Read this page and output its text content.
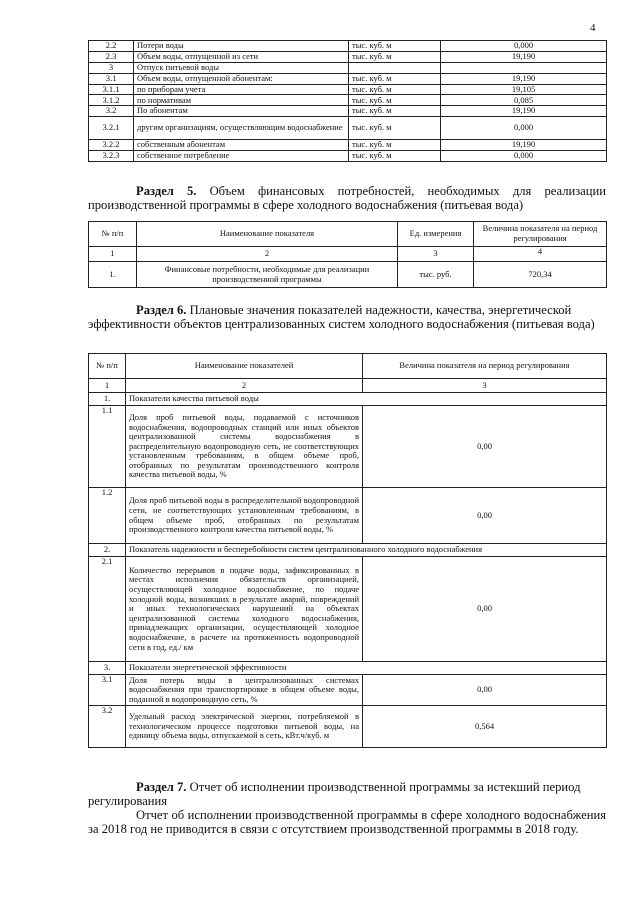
4
2.2	Потери воды	тыс. куб. м	0,000
2.3	Объем воды, отпущенной из сети	тыс. куб. м	19,190
3	Отпуск питьевой воды		
3.1	Объем воды, отпущенной абонентам:	тыс. куб. м	19,190
3.1.1	по приборам учета	тыс. куб. м	19,105
3.1.2	по нормативам	тыс. куб. м	0,085
3.2	По абонентам	тыс. куб. м	19,190
3.2.1	другим организациям, осуществляющим водоснабжение	тыс. куб. м	0,000
3.2.2	собственным абонентам	тыс. куб. м	19,190
3.2.3	собственное потребление	тыс. куб. м	0,000
Раздел 5. Объем финансовых потребностей, необходимых для реализации производственной программы в сфере холодного водоснабжения (питьевая вода)
№ п/п	Наименование показателя	Ед. измерения	Величина показателя на период регулирования
1	2	3	4
1.	Финансовые потребности, необходимые для реализации производственной программы	тыс. руб.	720,34
Раздел 6. Плановые значения показателей надежности, качества, энергетической эффективности объектов централизованных систем холодного водоснабжения (питьевая вода)
№ п/п	Наименование показателей	Величина показателя на период регулирования
1	2	3
1.	Показатели качества питьевой воды	
1.1	Доля проб питьевой воды, подаваемой с источников водоснабжения, водопроводных станций или иных объектов централизованной системы водоснабжения в распределительную водопроводную сеть, не соответствующих установленным требованиям, в общем объеме проб, отобранных по результатам производственного контроля качества питьевой воды, %	0,00
1.2	Доля проб питьевой воды в распределительной водопроводной сети, не соответствующих установленным требованиям, в общем объеме проб, отобранных по результатам производственного контроля качества питьевой воды, %	0,00
2.	Показатель надежности и бесперебойности систем централизованного холодного водоснабжения	
2.1	Количество перерывов в подаче воды, зафиксированных в местах исполнения обязательств организацией, осуществляющей холодное водоснабжение, по подаче холодной воды, возникших в результате аварий, повреждений и иных технологических нарушений на объектах централизованной системы холодного водоснабжения, принадлежащих организации, осуществляющей холодное водоснабжение, в расчете на протяженность водопроводной сети в год, ед./ км	0,00
3.	Показатели энергетической эффективности	
3.1	Доля потерь воды в централизованных системах водоснабжения при транспортировке в общем объеме воды, поданной в водопроводную сеть, %	0,00
3.2	Удельный расход электрической энергии, потребляемой в технологическом процессе подготовки питьевой воды, на единицу объема воды, отпускаемой в сеть, кВт.ч/куб. м	0,564
Раздел 7. Отчет об исполнении производственной программы за истекший период регулирования
Отчет об исполнении производственной программы в сфере холодного водоснабжения за 2018 год не приводится в связи с отсутствием производственной программы в 2018 году.
